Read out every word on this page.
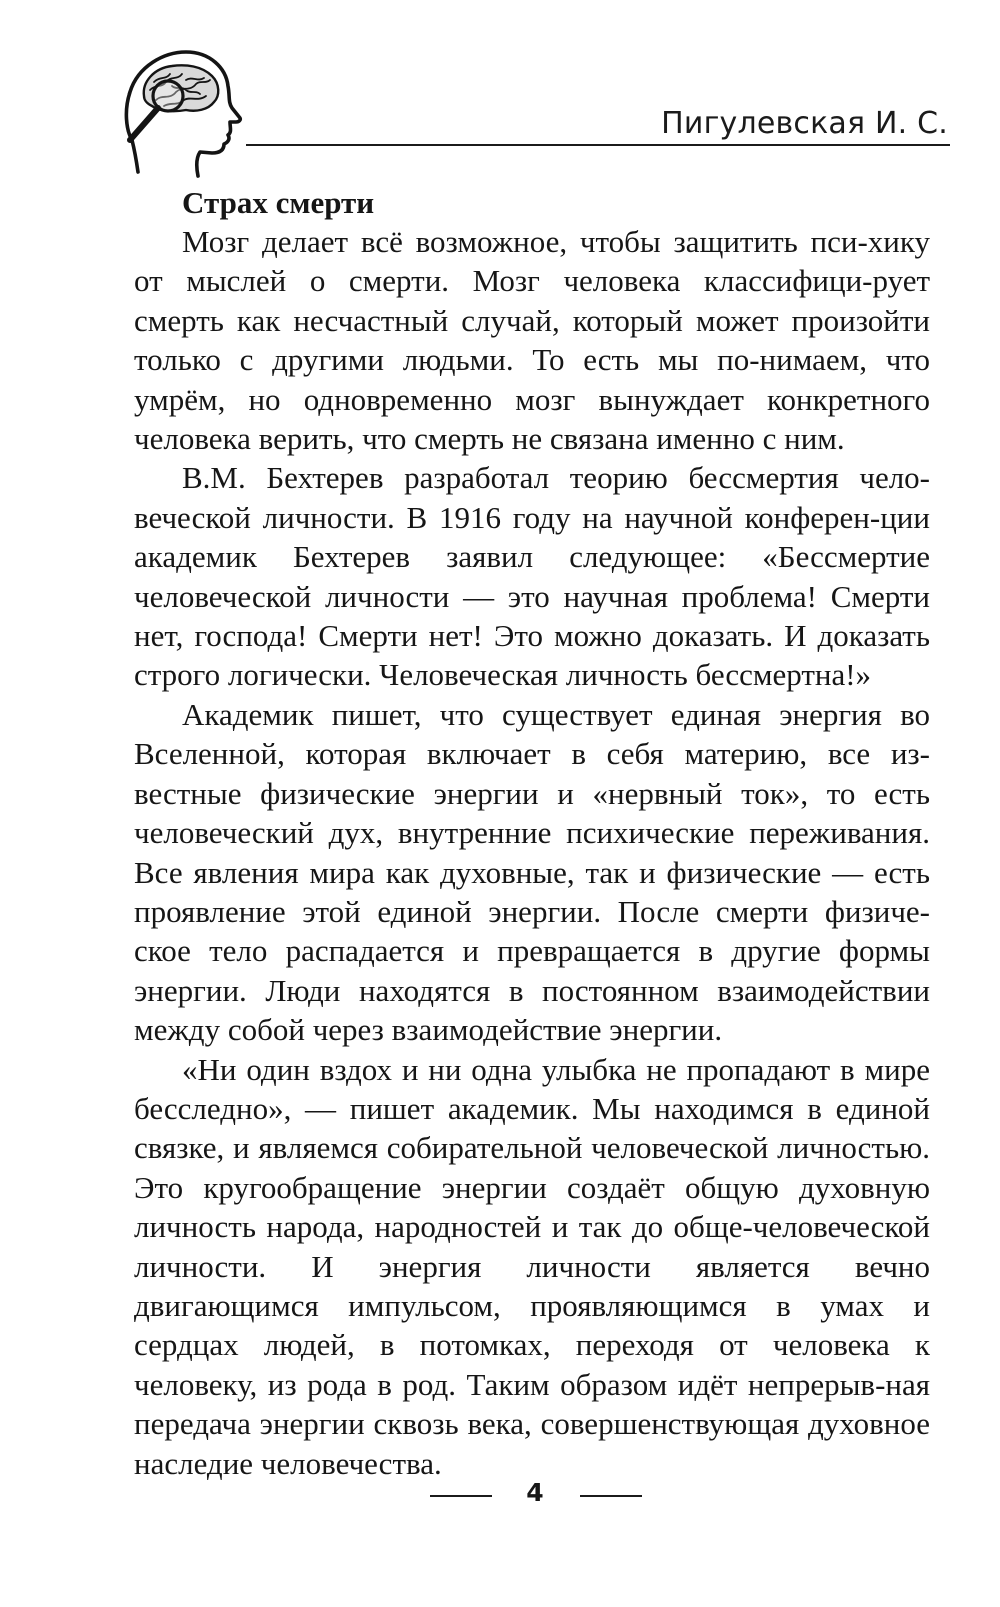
Пигулевская И. С.
Страх смерти

Мозг делает всё возможное, чтобы защитить пси-хику от мыслей о смерти. Мозг человека классифици-рует смерть как несчастный случай, который может произойти только с другими людьми. То есть мы по-нимаем, что умрём, но одновременно мозг вынуждает конкретного человека верить, что смерть не связана именно с ним.

В.М. Бехтерев разработал теорию бессмертия чело-веческой личности. В 1916 году на научной конферен-ции академик Бехтерев заявил следующее: «Бессмертие человеческой личности — это научная проблема! Смерти нет, господа! Смерти нет! Это можно доказать. И доказать строго логически. Человеческая личность бессмертна!»

Академик пишет, что существует единая энергия во Вселенной, которая включает в себя материю, все из-вестные физические энергии и «нервный ток», то есть человеческий дух, внутренние психические переживания. Все явления мира как духовные, так и физические — есть проявление этой единой энергии. После смерти физиче-ское тело распадается и превращается в другие формы энергии. Люди находятся в постоянном взаимодействии между собой через взаимодействие энергии.

«Ни один вздох и ни одна улыбка не пропадают в мире бесследно», — пишет академик. Мы находимся в единой связке, и являемся собирательной человеческой личностью. Это кругообращение энергии создаёт общую духовную личность народа, народностей и так до обще-человеческой личности. И энергия личности является вечно двигающимся импульсом, проявляющимся в умах и сердцах людей, в потомках, переходя от человека к человеку, из рода в род. Таким образом идёт непрерыв-ная передача энергии сквозь века, совершенствующая духовное наследие человечества.

4
